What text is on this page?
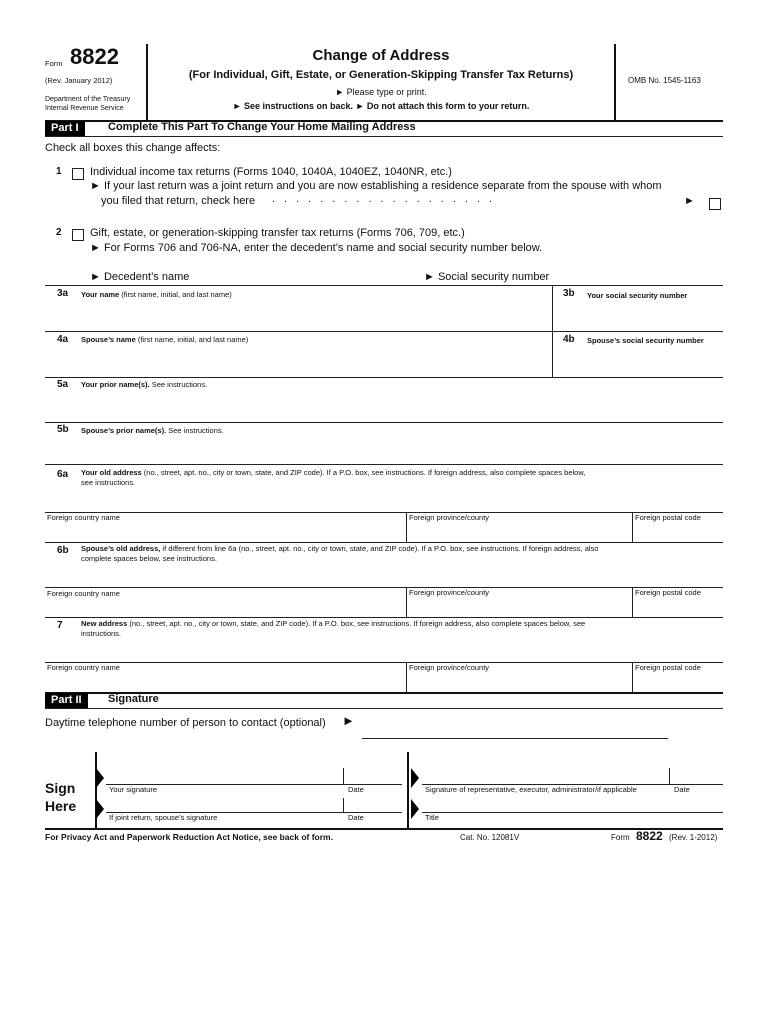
Form 8822
(Rev. January 2012)
Department of the Treasury
Internal Revenue Service
Change of Address
(For Individual, Gift, Estate, or Generation-Skipping Transfer Tax Returns)
► Please type or print.
► See instructions on back. ► Do not attach this form to your return.
OMB No. 1545-1163
Part I	Complete This Part To Change Your Home Mailing Address
Check all boxes this change affects:
1	Individual income tax returns (Forms 1040, 1040A, 1040EZ, 1040NR, etc.)
► If your last return was a joint return and you are now establishing a residence separate from the spouse with whom
you filed that return, check here ...................	►
2	Gift, estate, or generation-skipping transfer tax returns (Forms 706, 709, etc.)
► For Forms 706 and 706-NA, enter the decedent’s name and social security number below.
► Decedent’s name	► Social security number
3a Your name (first name, initial, and last name)	3b Your social security number
4a Spouse’s name (first name, initial, and last name)	4b Spouse’s social security number
5a Your prior name(s). See instructions.
5b Spouse’s prior name(s). See instructions.
6a Your old address (no., street, apt. no., city or town, state, and ZIP code). If a P.O. box, see instructions. If foreign address, also complete spaces below,
see instructions.
Foreign country name	Foreign province/county	Foreign postal code
6b Spouse’s old address, if different from line 6a (no., street, apt. no., city or town, state, and ZIP code). If a P.O. box, see instructions. If foreign address, also
complete spaces below, see instructions.
Foreign country name	Foreign province/county	Foreign postal code
7 New address (no., street, apt. no., city or town, state, and ZIP code). If a P.O. box, see instructions. If foreign address, also complete spaces below, see
instructions.
Foreign country name	Foreign province/county	Foreign postal code
Part II	Signature
Daytime telephone number of person to contact (optional) ►
Sign
Here
Your signature	Date
If joint return, spouse’s signature	Date
Signature of representative, executor, administrator/if applicable	Date
Title
For Privacy Act and Paperwork Reduction Act Notice, see back of form.	Cat. No. 12081V	Form 8822 (Rev. 1-2012)
